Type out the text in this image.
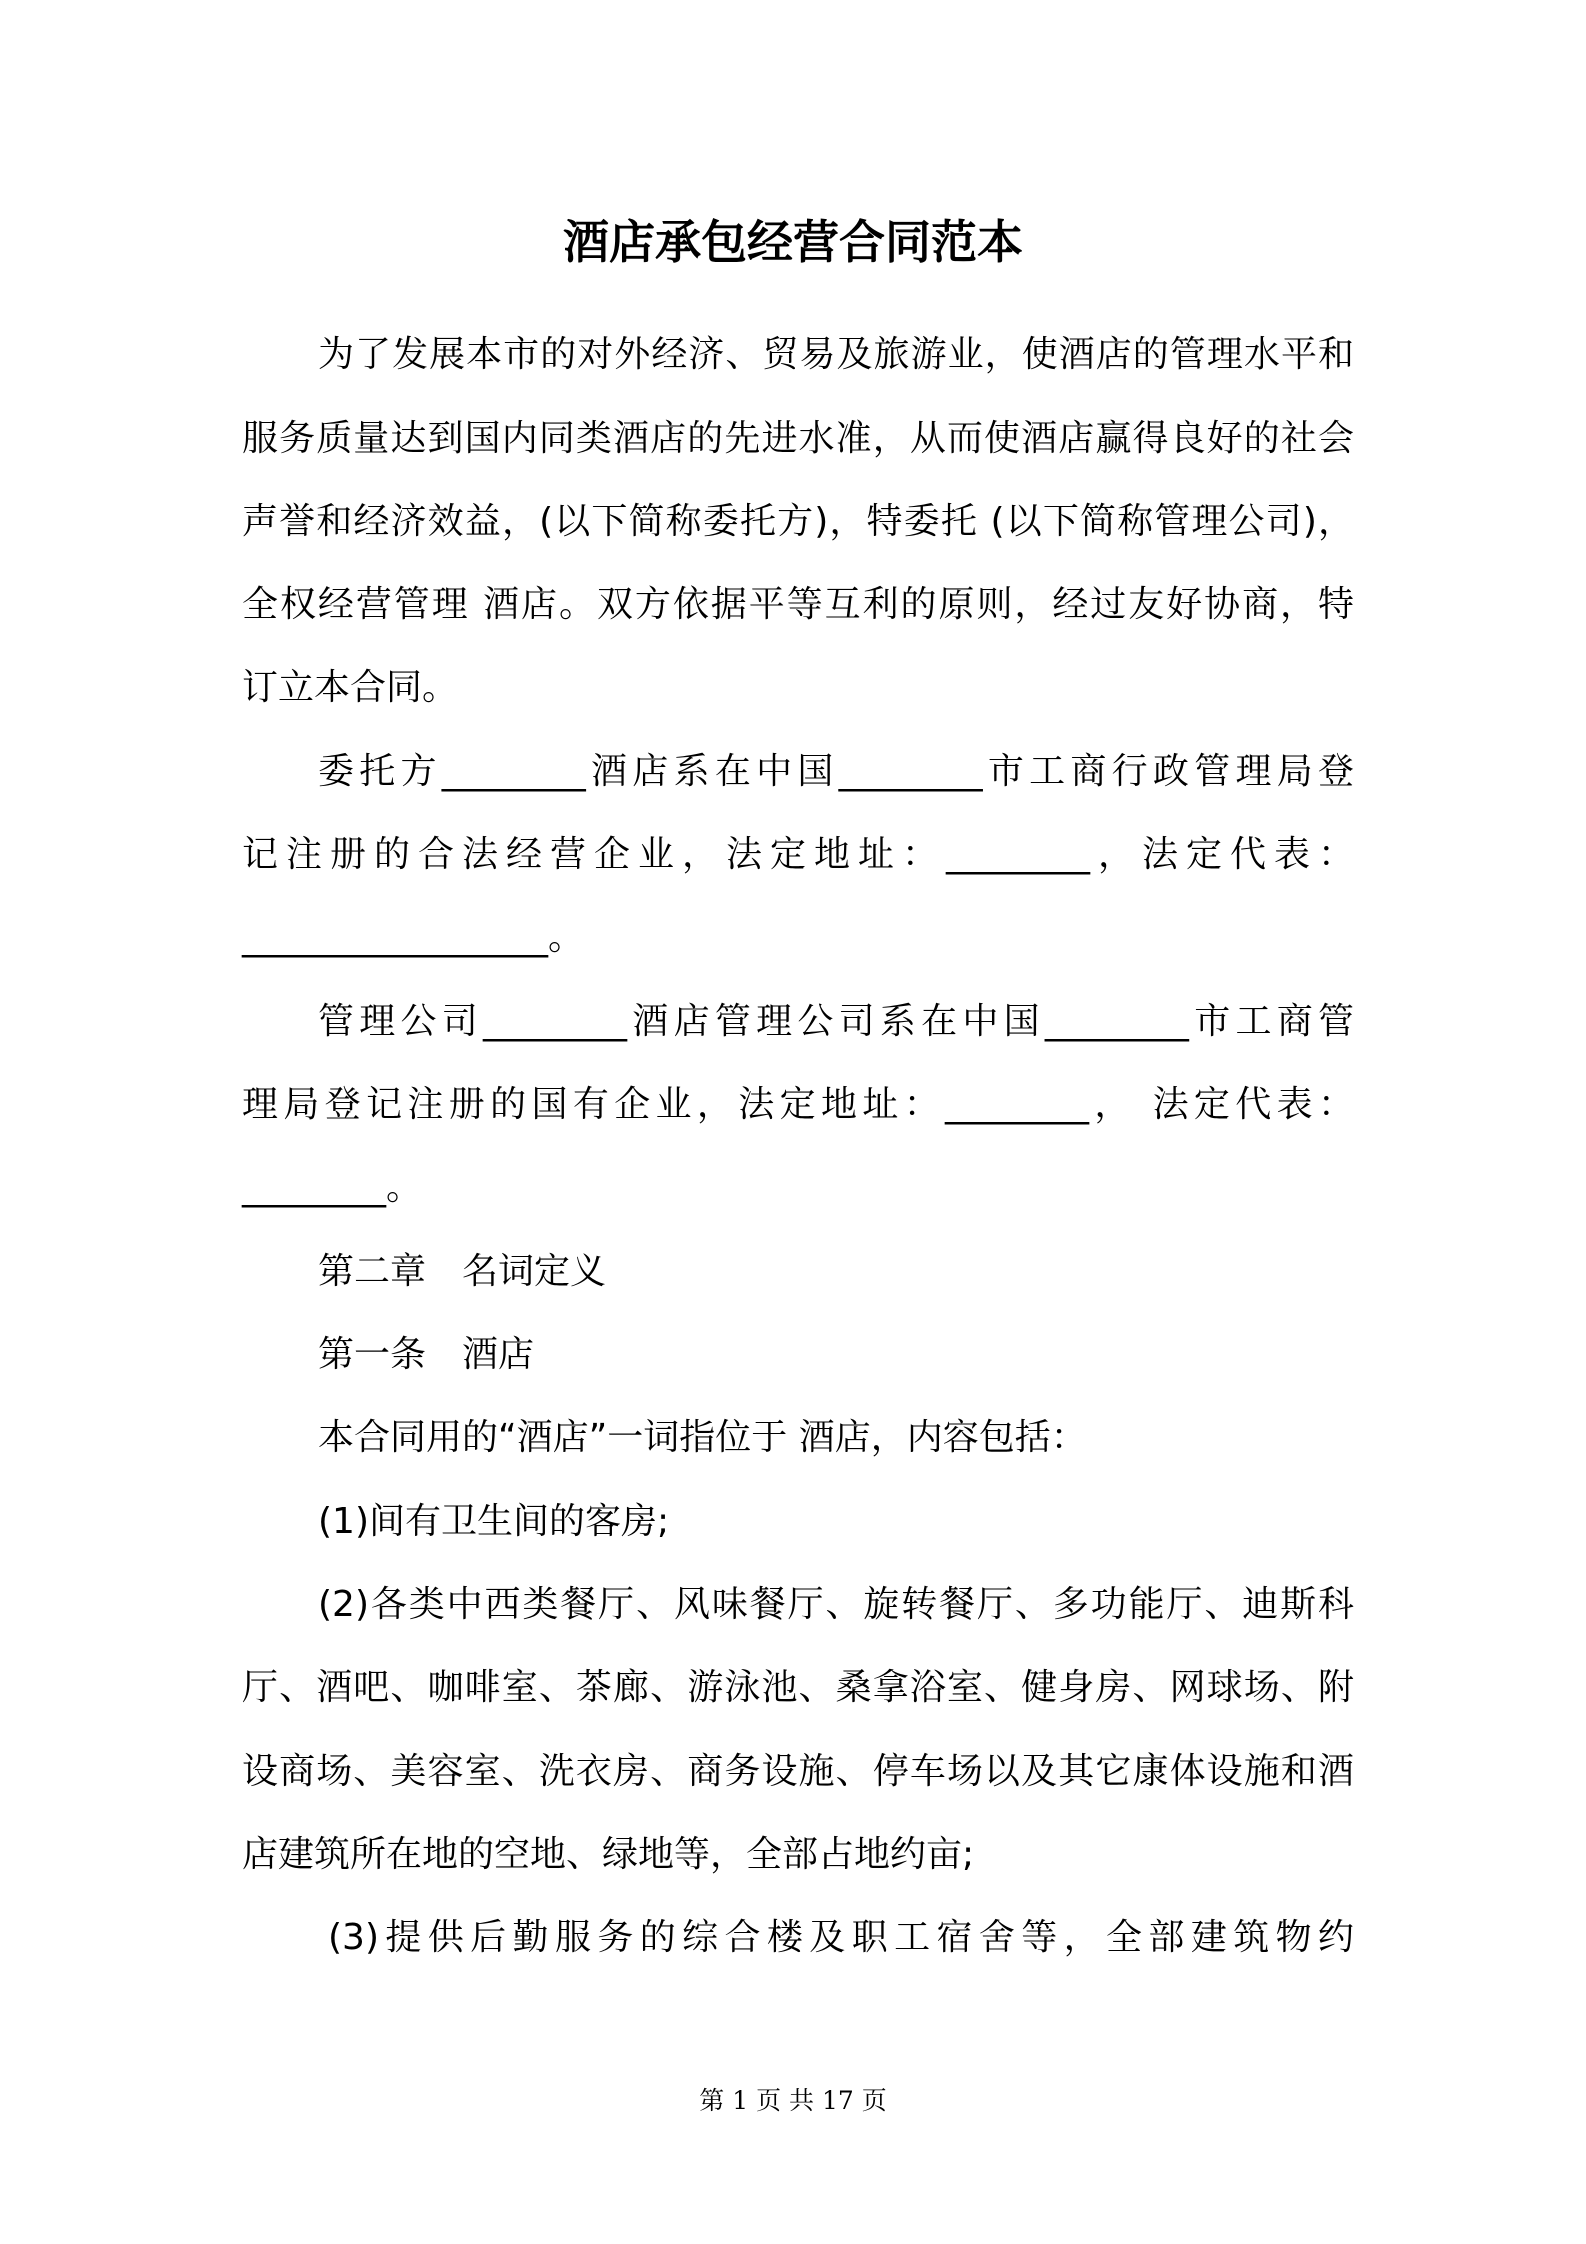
酒店承包经营合同范本
为了发展本市的对外经济、贸易及旅游业，使酒店的管理水平和
服务质量达到国内同类酒店的先进水准，从而使酒店赢得良好的社会
声誉和经济效益，(以下简称委托方)，特委托 (以下简称管理公司)，
全权经营管理 酒店。双方依据平等互利的原则，经过友好协商，特
订立本合同。
委托方________酒店系在中国________市工商行政管理局登
记注册的合法经营企业，法定地址：________，法定代表：
_________________。
管理公司________酒店管理公司系在中国________市工商管
理局登记注册的国有企业，法定地址：________， 法定代表：
________。
第二章　名词定义
第一条　酒店
本合同用的“酒店”一词指位于 酒店，内容包括：
(1)间有卫生间的客房;
(2)各类中西类餐厅、风味餐厅、旋转餐厅、多功能厅、迪斯科
厅、酒吧、咖啡室、茶廊、游泳池、桑拿浴室、健身房、网球场、附
设商场、美容室、洗衣房、商务设施、停车场以及其它康体设施和酒
店建筑所在地的空地、绿地等，全部占地约亩;
(3)提供后勤服务的综合楼及职工宿舍等，全部建筑物约
第 1 页 共 17 页
